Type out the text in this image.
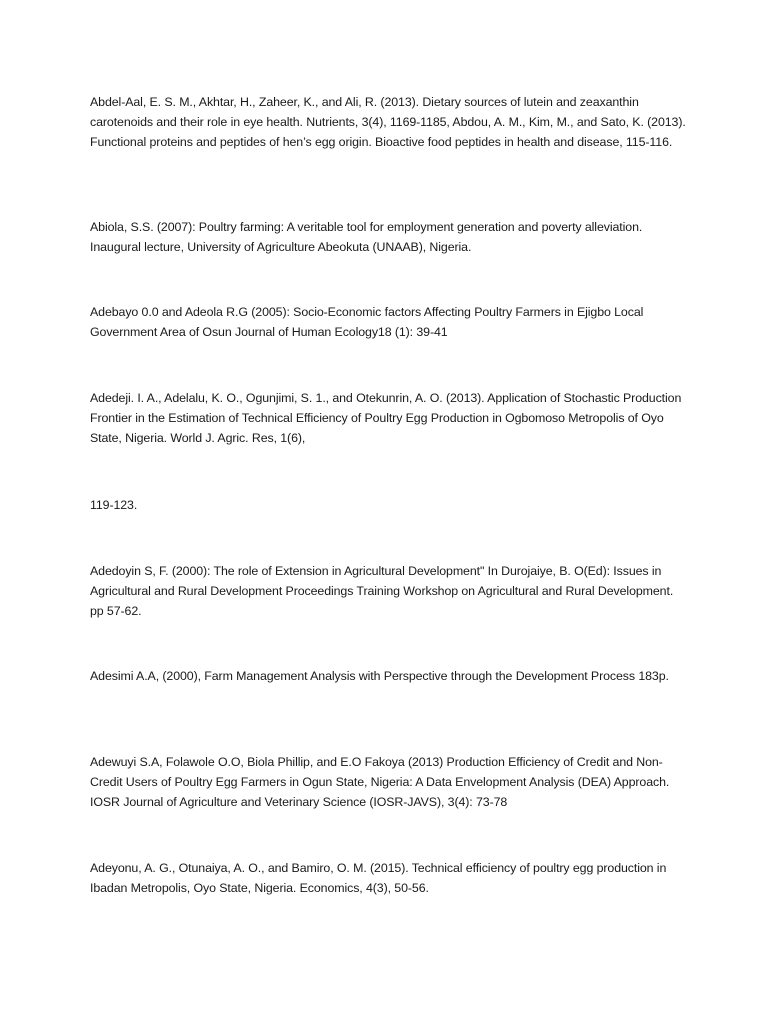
Abdel-Aal, E. S. M., Akhtar, H., Zaheer, K., and Ali, R. (2013). Dietary sources of lutein and zeaxanthin carotenoids and their role in eye health. Nutrients, 3(4), 1169-1185, Abdou, A. M., Kim, M., and Sato, K. (2013). Functional proteins and peptides of hen’s egg origin. Bioactive food peptides in health and disease, 115-116.

Abiola, S.S. (2007): Poultry farming: A veritable tool for employment generation and poverty alleviation. Inaugural lecture, University of Agriculture Abeokuta (UNAAB), Nigeria.

Adebayo 0.0 and Adeola R.G (2005): Socio-Economic factors Affecting Poultry Farmers in Ejigbo Local Government Area of Osun Journal of Human Ecology18 (1): 39-41

Adedeji. I. A., Adelalu, K. O., Ogunjimi, S. 1., and Otekunrin, A. O. (2013). Application of Stochastic Production Frontier in the Estimation of Technical Efficiency of Poultry Egg Production in Ogbomoso Metropolis of Oyo State, Nigeria. World J. Agric. Res, 1(6),

119-123.

Adedoyin S, F. (2000): The role of Extension in Agricultural Development" In Durojaiye, B. O(Ed): Issues in Agricultural and Rural Development Proceedings Training Workshop on Agricultural and Rural Development. pp 57-62.

Adesimi A.A, (2000), Farm Management Analysis with Perspective through the Development Process 183p.

Adewuyi S.A, Folawole O.O, Biola Phillip, and E.O Fakoya (2013) Production Efficiency of Credit and Non-Credit Users of Poultry Egg Farmers in Ogun State, Nigeria: A Data Envelopment Analysis (DEA) Approach. IOSR Journal of Agriculture and Veterinary Science (IOSR-JAVS), 3(4): 73-78

Adeyonu, A. G., Otunaiya, A. O., and Bamiro, O. M. (2015). Technical efficiency of poultry egg production in Ibadan Metropolis, Oyo State, Nigeria. Economics, 4(3), 50-56.
